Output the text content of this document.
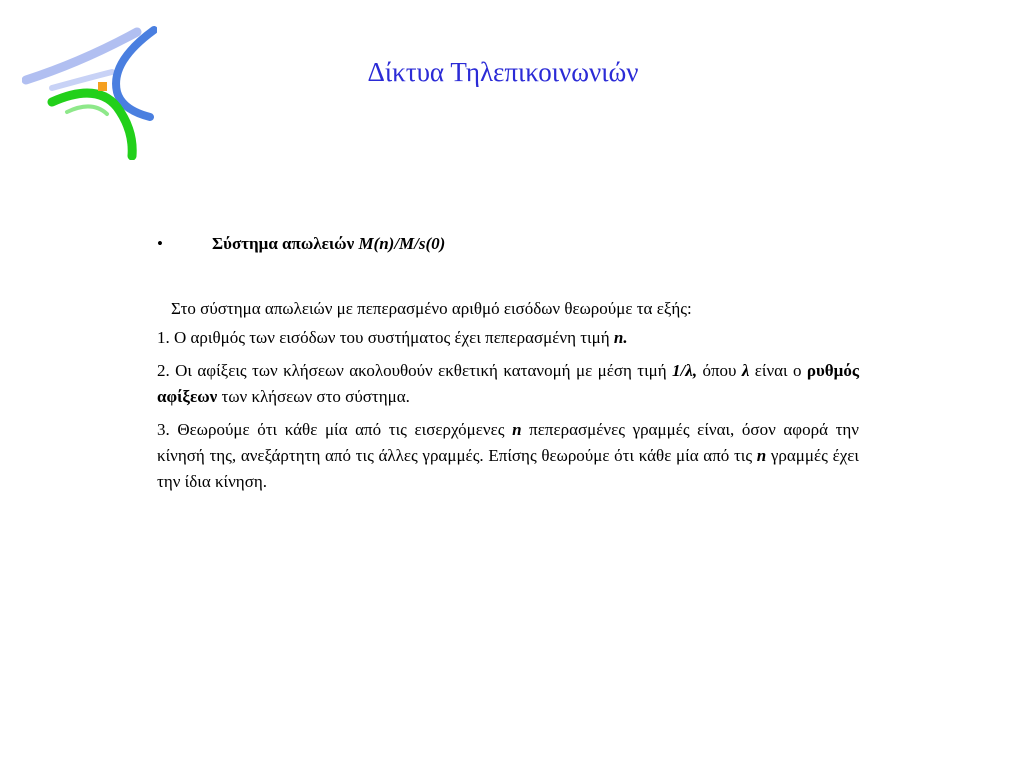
Δίκτυα Τηλεπικοινωνιών
•	Σύστημα απωλειών M(n)/M/s(0)

Στο σύστημα απωλειών με πεπερασμένο αριθμό εισόδων θεωρούμε τα εξής:

1. Ο αριθμός των εισόδων του συστήματος έχει πεπερασμένη τιμή n.

2. Οι αφίξεις των κλήσεων ακολουθούν εκθετική κατανομή με μέση τιμή 1/λ, όπου λ είναι ο ρυθμός αφίξεων των κλήσεων στο σύστημα.

3. Θεωρούμε ότι κάθε μία από τις εισερχόμενες n πεπερασμένες γραμμές είναι, όσον αφορά την κίνησή της, ανεξάρτητη από τις άλλες γραμμές. Επίσης θεωρούμε ότι κάθε μία από τις n γραμμές έχει την ίδια κίνηση.
